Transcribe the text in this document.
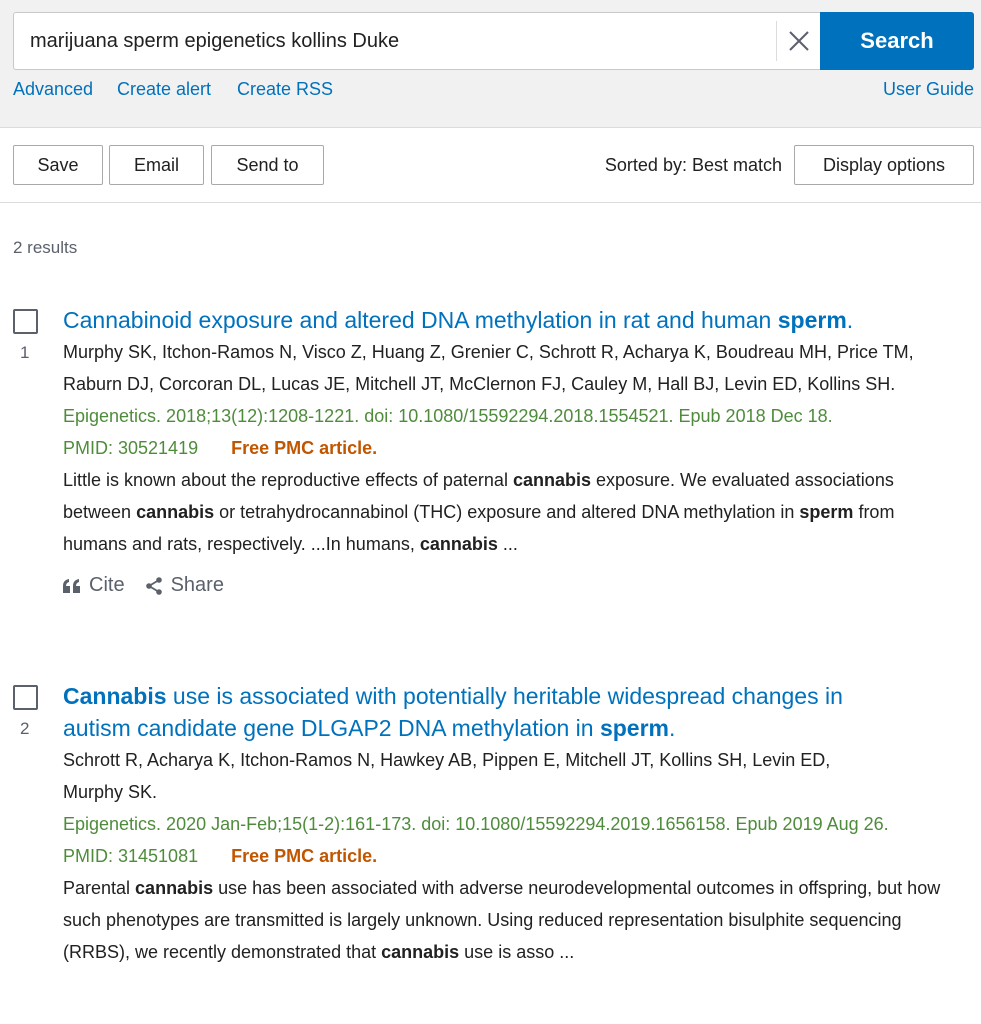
marijuana sperm epigenetics kollins Duke
Search
Advanced Create alert Create RSS	User Guide
Save	Email	Send to	Sorted by: Best match	Display options
2 results
1
Cannabinoid exposure and altered DNA methylation in rat and human sperm.
Murphy SK, Itchon-Ramos N, Visco Z, Huang Z, Grenier C, Schrott R, Acharya K, Boudreau MH, Price TM, Raburn DJ, Corcoran DL, Lucas JE, Mitchell JT, McClernon FJ, Cauley M, Hall BJ, Levin ED, Kollins SH.
Epigenetics. 2018;13(12):1208-1221. doi: 10.1080/15592294.2018.1554521. Epub 2018 Dec 18.
PMID: 30521419 Free PMC article.
Little is known about the reproductive effects of paternal cannabis exposure. We evaluated associations between cannabis or tetrahydrocannabinol (THC) exposure and altered DNA methylation in sperm from humans and rats, respectively. ...In humans, cannabis ...
Cite Share
2
Cannabis use is associated with potentially heritable widespread changes in autism candidate gene DLGAP2 DNA methylation in sperm.
Schrott R, Acharya K, Itchon-Ramos N, Hawkey AB, Pippen E, Mitchell JT, Kollins SH, Levin ED, Murphy SK.
Epigenetics. 2020 Jan-Feb;15(1-2):161-173. doi: 10.1080/15592294.2019.1656158. Epub 2019 Aug 26.
PMID: 31451081 Free PMC article.
Parental cannabis use has been associated with adverse neurodevelopmental outcomes in offspring, but how such phenotypes are transmitted is largely unknown. Using reduced representation bisulphite sequencing (RRBS), we recently demonstrated that cannabis use is asso ...
